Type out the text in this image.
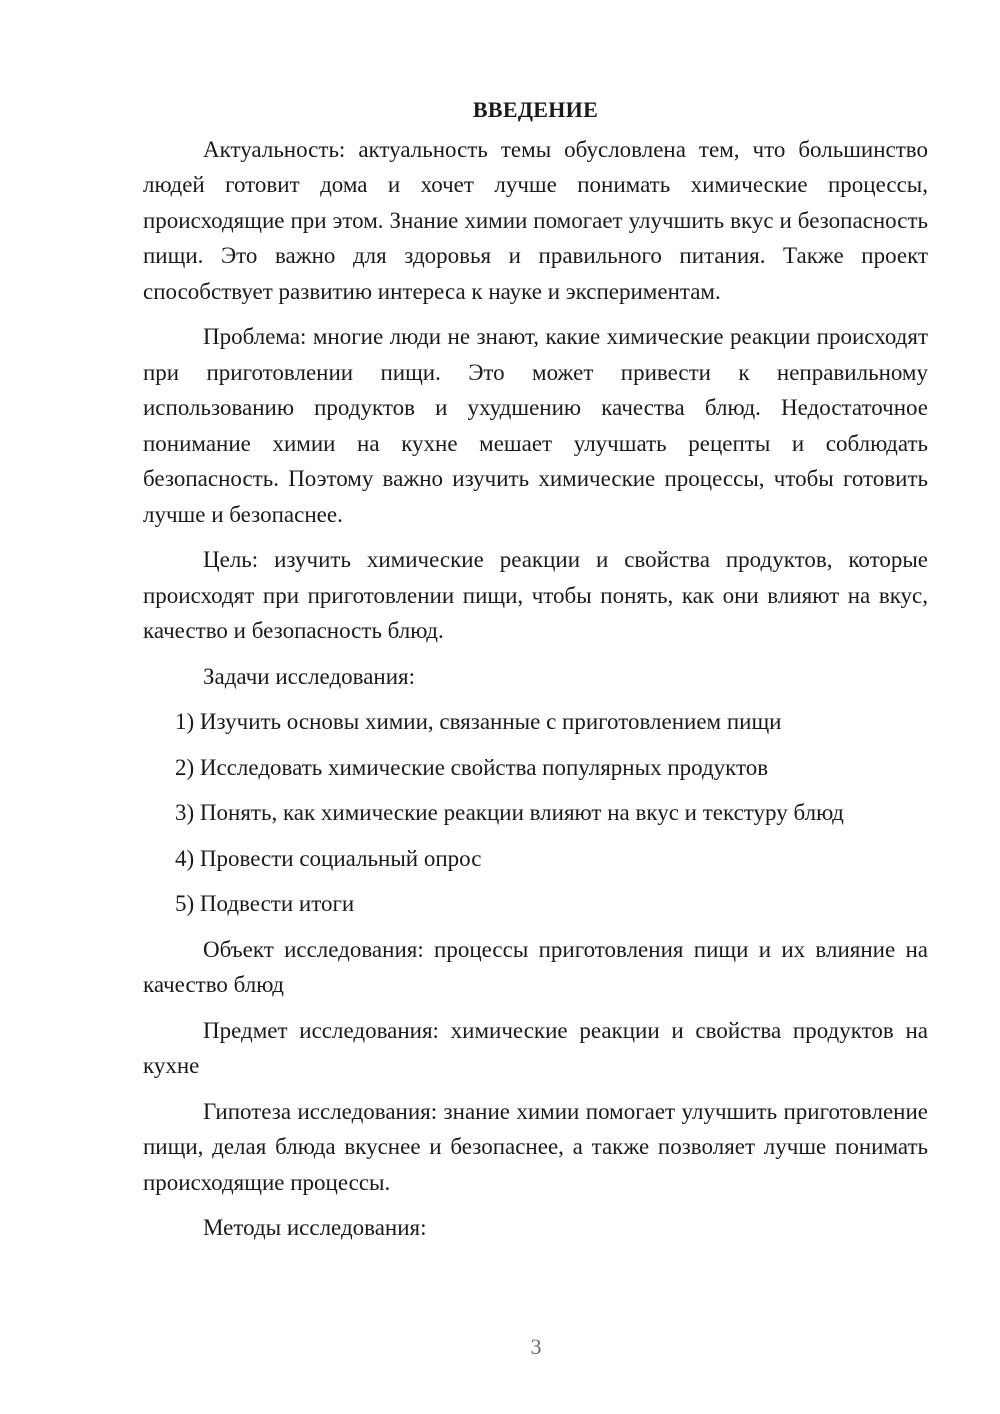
ВВЕДЕНИЕ

Актуальность: актуальность темы обусловлена тем, что большинство людей готовит дома и хочет лучше понимать химические процессы, происходящие при этом. Знание химии помогает улучшить вкус и безопасность пищи. Это важно для здоровья и правильного питания. Также проект способствует развитию интереса к науке и экспериментам.

Проблема: многие люди не знают, какие химические реакции происходят при приготовлении пищи. Это может привести к неправильному использованию продуктов и ухудшению качества блюд. Недостаточное понимание химии на кухне мешает улучшать рецепты и соблюдать безопасность. Поэтому важно изучить химические процессы, чтобы готовить лучше и безопаснее.

Цель: изучить химические реакции и свойства продуктов, которые происходят при приготовлении пищи, чтобы понять, как они влияют на вкус, качество и безопасность блюд.

Задачи исследования:

1) Изучить основы химии, связанные с приготовлением пищи
2) Исследовать химические свойства популярных продуктов
3) Понять, как химические реакции влияют на вкус и текстуру блюд
4) Провести социальный опрос
5) Подвести итоги

Объект исследования: процессы приготовления пищи и их влияние на качество блюд

Предмет исследования: химические реакции и свойства продуктов на кухне

Гипотеза исследования: знание химии помогает улучшить приготовление пищи, делая блюда вкуснее и безопаснее, а также позволяет лучше понимать происходящие процессы.

Методы исследования:

3
